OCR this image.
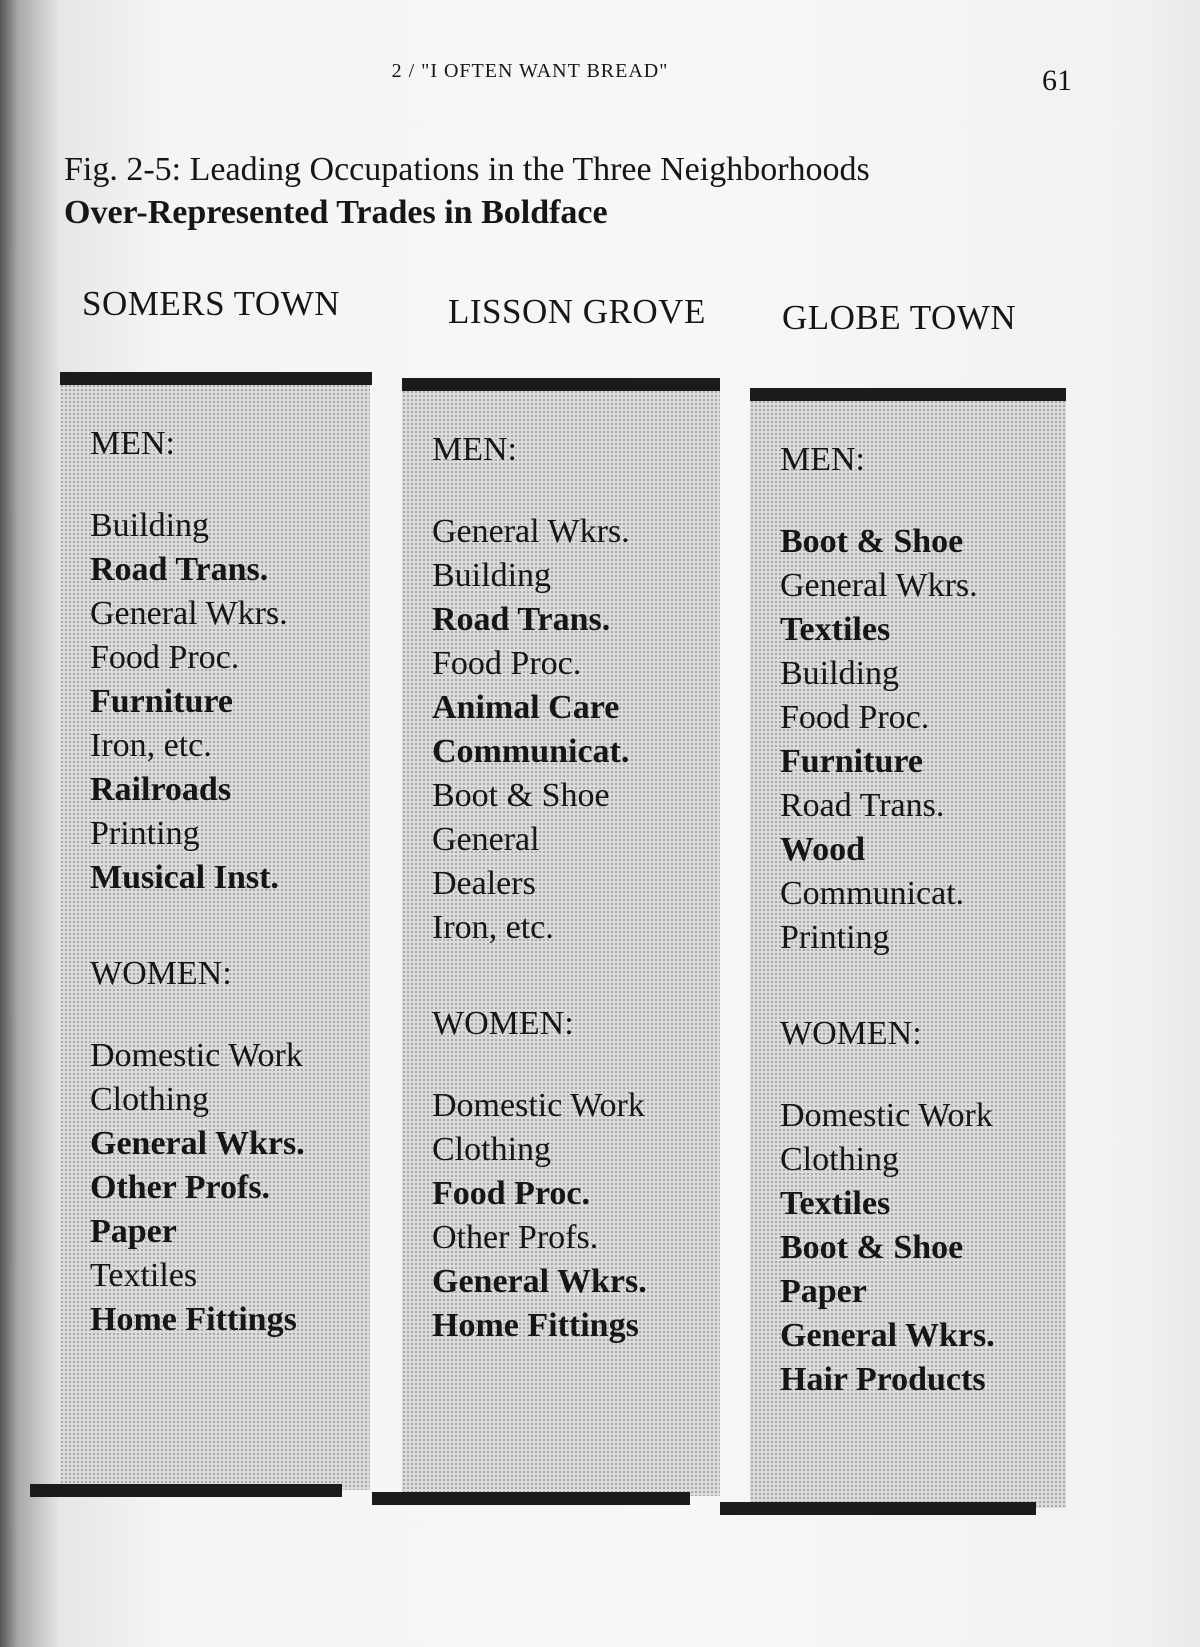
2 / "I OFTEN WANT BREAD"	61
Fig. 2-5: Leading Occupations in the Three Neighborhoods
Over-Represented Trades in Boldface
SOMERS TOWN
MEN:
Building
Road Trans.
General Wkrs.
Food Proc.
Furniture
Iron, etc.
Railroads
Printing
Musical Inst.
WOMEN:
Domestic Work
Clothing
General Wkrs.
Other Profs.
Paper
Textiles
Home Fittings
LISSON GROVE
MEN:
General Wkrs.
Building
Road Trans.
Food Proc.
Animal Care
Communicat.
Boot & Shoe
General
Dealers
Iron, etc.
WOMEN:
Domestic Work
Clothing
Food Proc.
Other Profs.
General Wkrs.
Home Fittings
GLOBE TOWN
MEN:
Boot & Shoe
General Wkrs.
Textiles
Building
Food Proc.
Furniture
Road Trans.
Wood
Communicat.
Printing
WOMEN:
Domestic Work
Clothing
Textiles
Boot & Shoe
Paper
General Wkrs.
Hair Products
